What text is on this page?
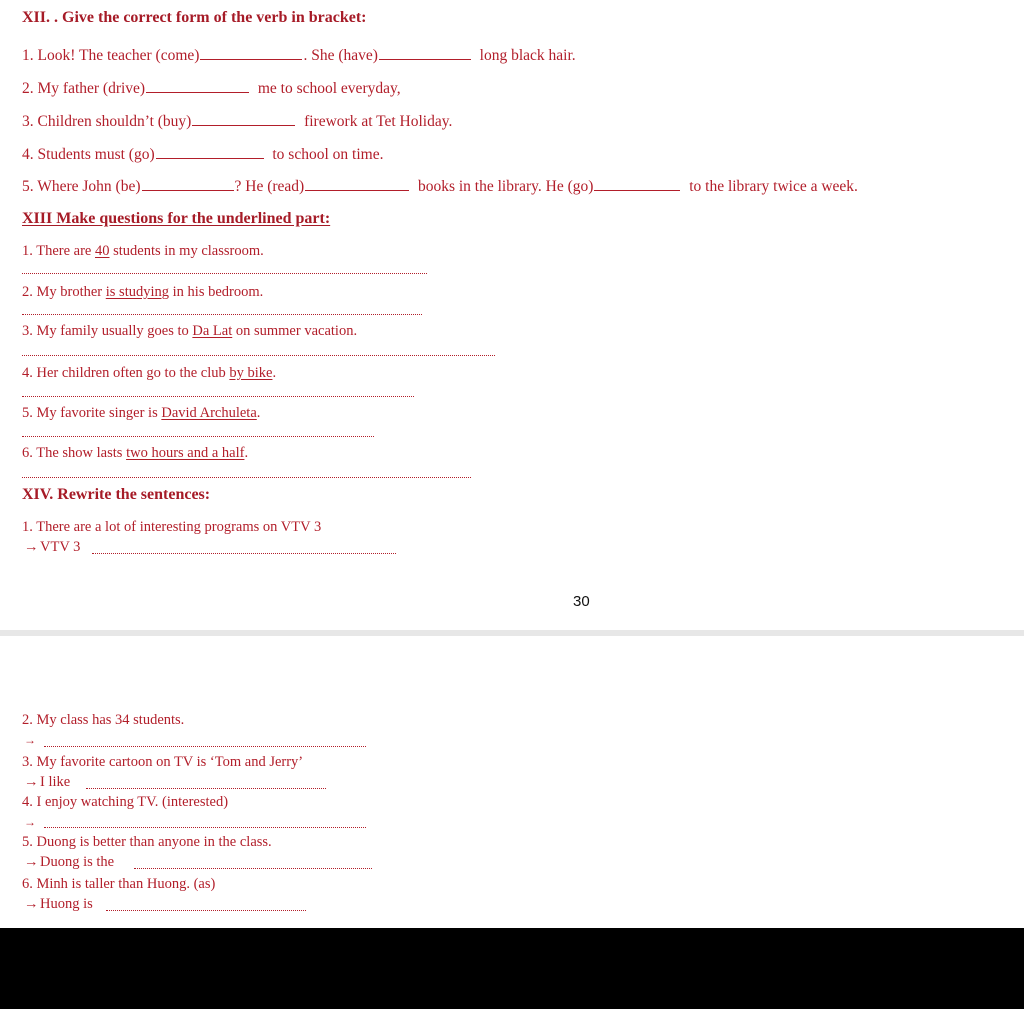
XII. . Give the correct form of the verb in bracket:
1. Look! The teacher (come)	. She (have)	long black hair.
2. My father (drive)	me to school everyday,
3. Children shouldn’t (buy)	firework at Tet Holiday.
4. Students must (go)	to school on time.
5. Where John (be)	? He (read)	books in the library. He (go)	to the library twice a week.
XIII Make questions for the underlined part:
1. There are 40 students in my classroom.
2. My brother is studying in his bedroom.
3. My family usually goes to Da Lat on summer vacation.
4. Her children often go to the club by bike.
5. My favorite singer is David Archuleta.
6. The show lasts two hours and a half.
XIV. Rewrite the sentences:
1. There are a lot of interesting programs on VTV 3
→ VTV 3
30
2. My class has 34 students.
→
3. My favorite cartoon on TV is ‘Tom and Jerry’
→ I like
4. I enjoy watching TV. (interested)
→
5. Duong is better than anyone in the class.
→ Duong is the
6. Minh is taller than Huong. (as)
→ Huong is
